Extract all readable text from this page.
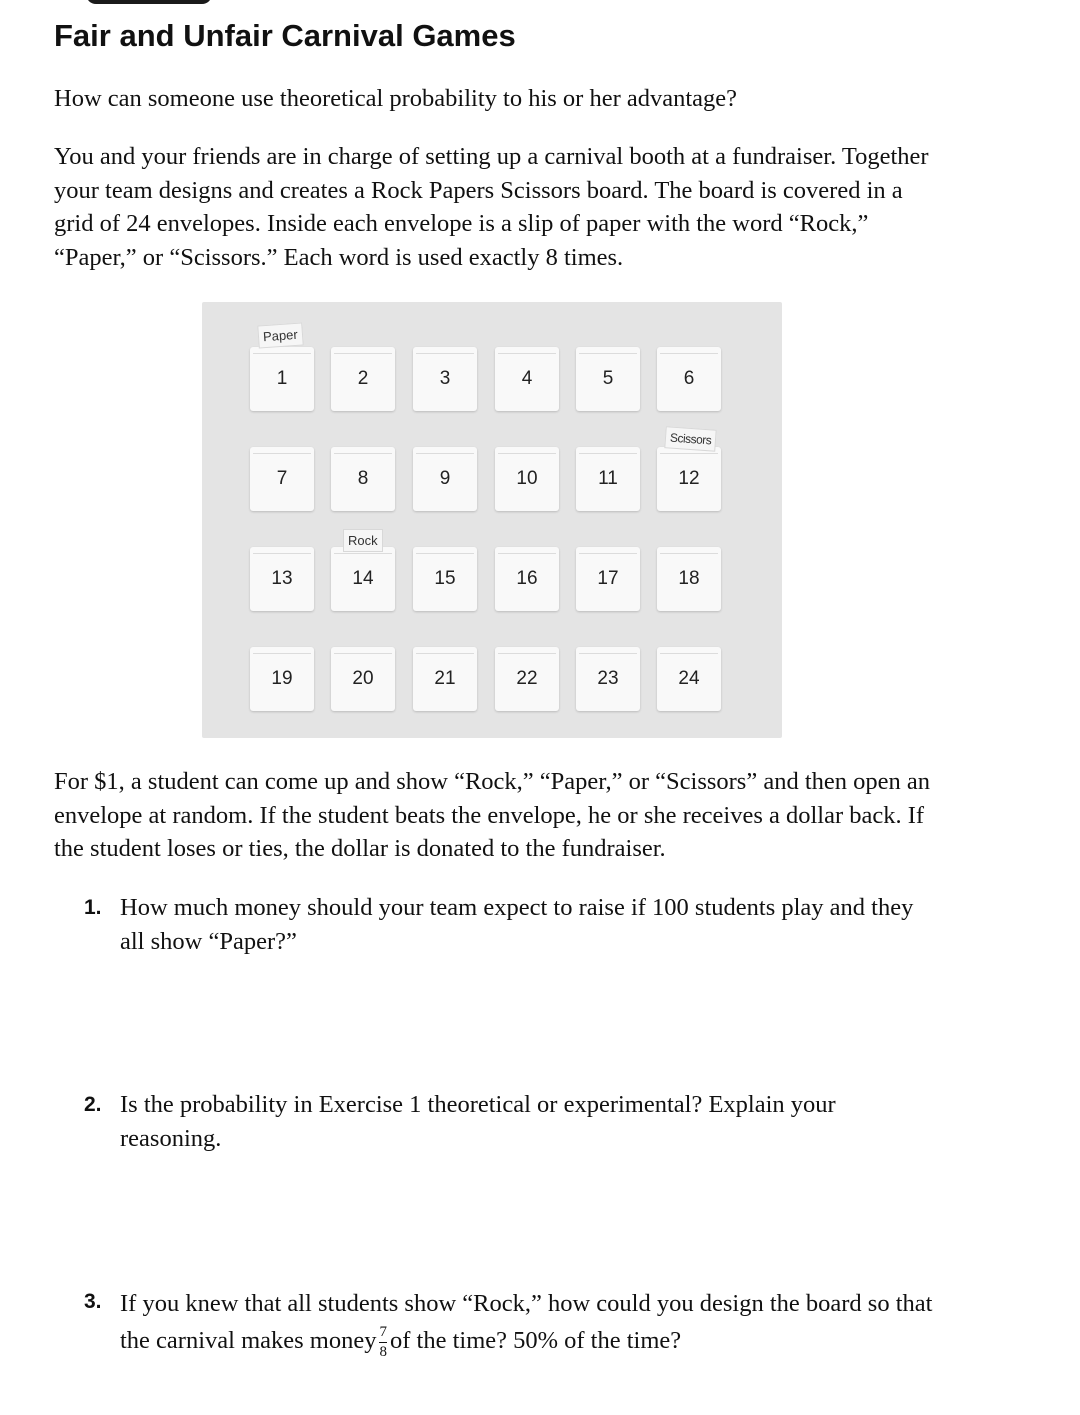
Fair and Unfair Carnival Games
How can someone use theoretical probability to his or her advantage?
You and your friends are in charge of setting up a carnival booth at a fundraiser. Together your team designs and creates a Rock Papers Scissors board. The board is covered in a grid of 24 envelopes. Inside each envelope is a slip of paper with the word “Rock,” “Paper,” or “Scissors.” Each word is used exactly 8 times.
1	2	3	4	5	6
7	8	9	10	11	12
13	14	15	16	17	18
19	20	21	22	23	24
Paper
Scissors
Rock
For $1, a student can come up and show “Rock,” “Paper,” or “Scissors” and then open an envelope at random. If the student beats the envelope, he or she receives a dollar back. If the student loses or ties, the dollar is donated to the fundraiser.
1. How much money should your team expect to raise if 100 students play and they all show “Paper?”
2. Is the probability in Exercise 1 theoretical or experimental? Explain your reasoning.
3. If you knew that all students show “Rock,” how could you design the board so that the carnival makes money $\frac{7}{8}$ of the time? 50% of the time?
